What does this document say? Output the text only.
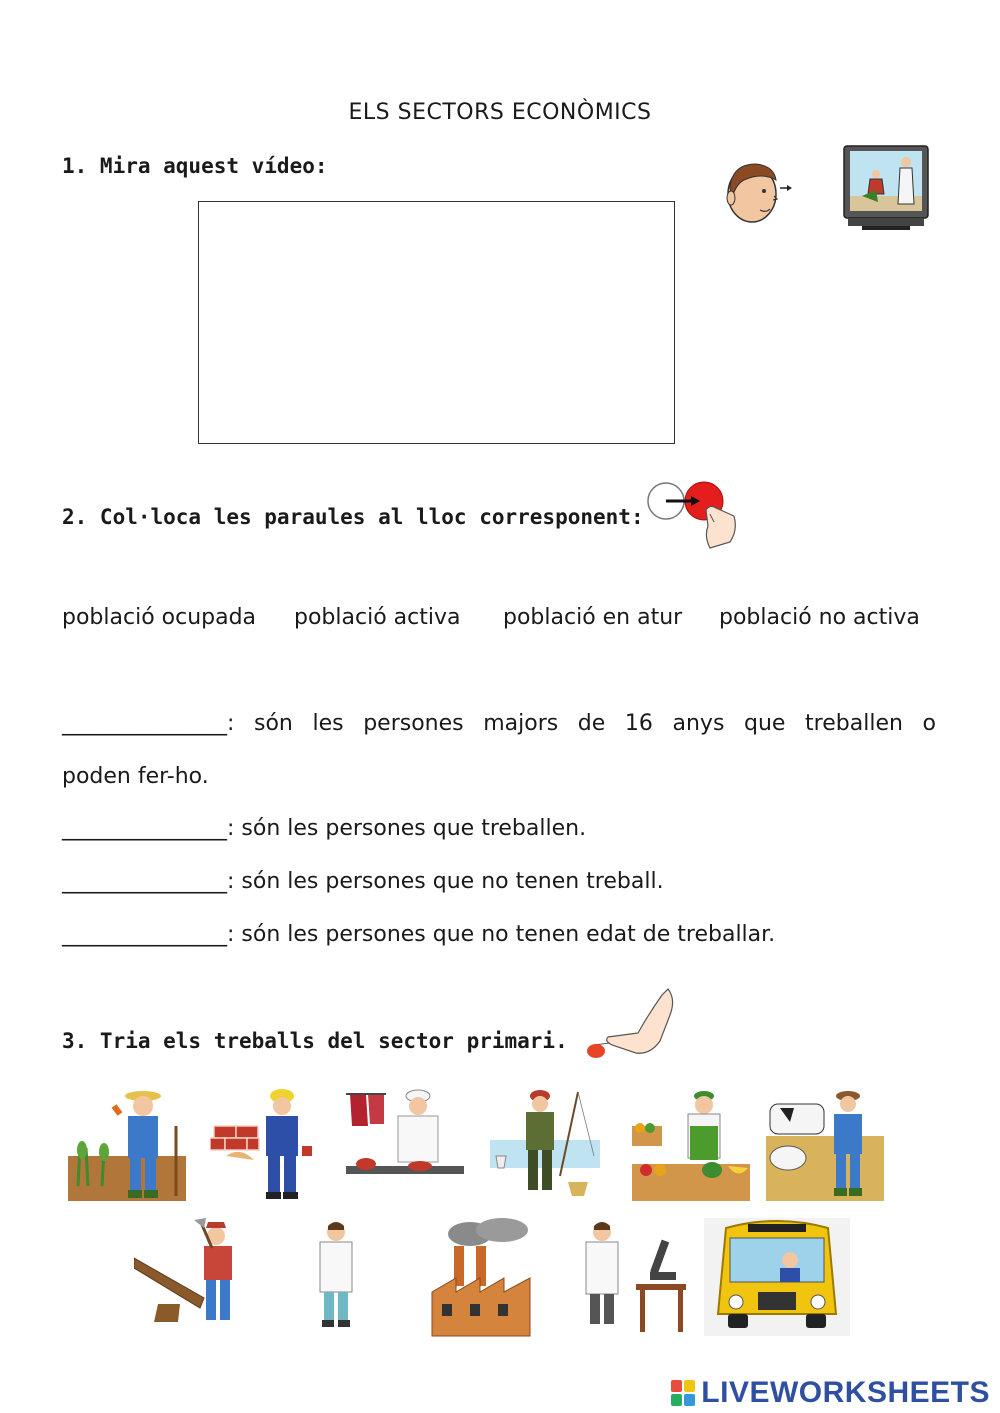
ELS SECTORS ECONÒMICS
1. Mira aquest vídeo:
2. Col·loca les paraules al lloc corresponent:
població ocupada població activa població en atur població no activa
_______________ : són les persones majors de 16 anys que treballen o
poden fer-ho.
_______________: són les persones que treballen.
_______________: són les persones que no tenen treball.
_______________: són les persones que no tenen edat de treballar.
3. Tria els treballs del sector primari.
LIVEWORKSHEETS
